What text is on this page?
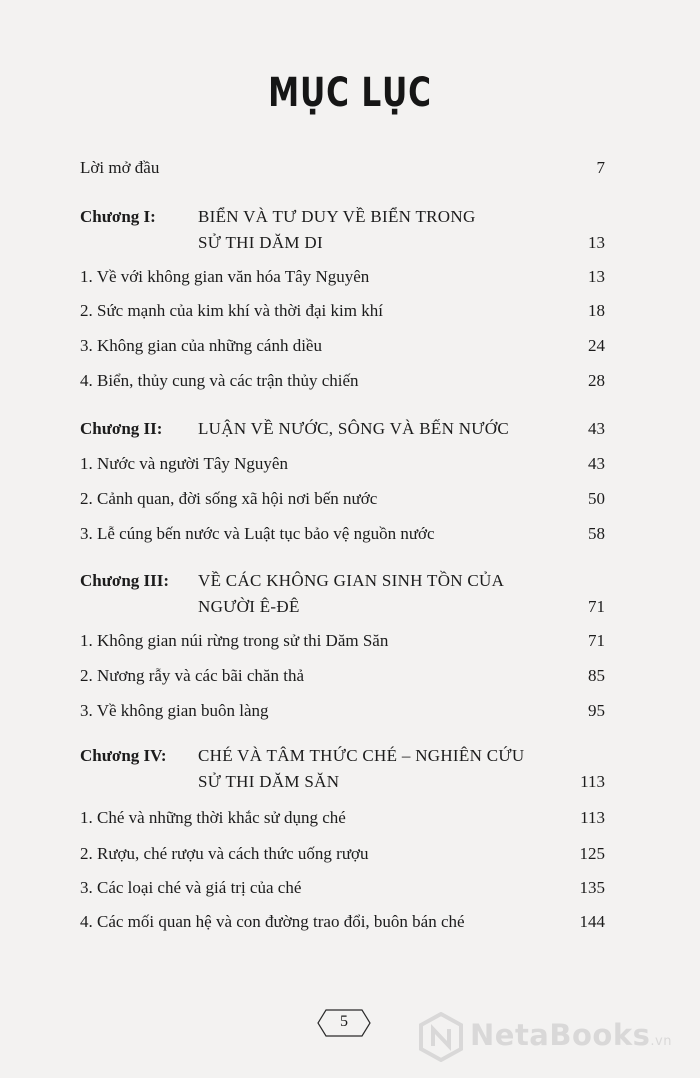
MỤC LỤC
Lời mở đầu	7
Chương I: BIỂN VÀ TƯ DUY VỀ BIỂN TRONG
SỬ THI DĂM DI	13
1. Về với không gian văn hóa Tây Nguyên	13
2. Sức mạnh của kim khí và thời đại kim khí	18
3. Không gian của những cánh diều	24
4. Biển, thủy cung và các trận thủy chiến	28
Chương II: LUẬN VỀ NƯỚC, SÔNG VÀ BẾN NƯỚC	43
1. Nước và người Tây Nguyên	43
2. Cảnh quan, đời sống xã hội nơi bến nước	50
3. Lễ cúng bến nước và Luật tục bảo vệ nguồn nước	58
Chương III: VỀ CÁC KHÔNG GIAN SINH TỒN CỦA
NGƯỜI Ê-ĐÊ	71
1. Không gian núi rừng trong sử thi Dăm Săn	71
2. Nương rẫy và các bãi chăn thả	85
3. Về không gian buôn làng	95
Chương IV: CHÉ VÀ TÂM THỨC CHÉ – NGHIÊN CỨU
SỬ THI DĂM SĂN	113
1. Ché và những thời khắc sử dụng ché	113
2. Rượu, ché rượu và cách thức uống rượu	125
3. Các loại ché và giá trị của ché	135
4. Các mối quan hệ và con đường trao đổi, buôn bán ché	144
5	NetaBooks.vn
